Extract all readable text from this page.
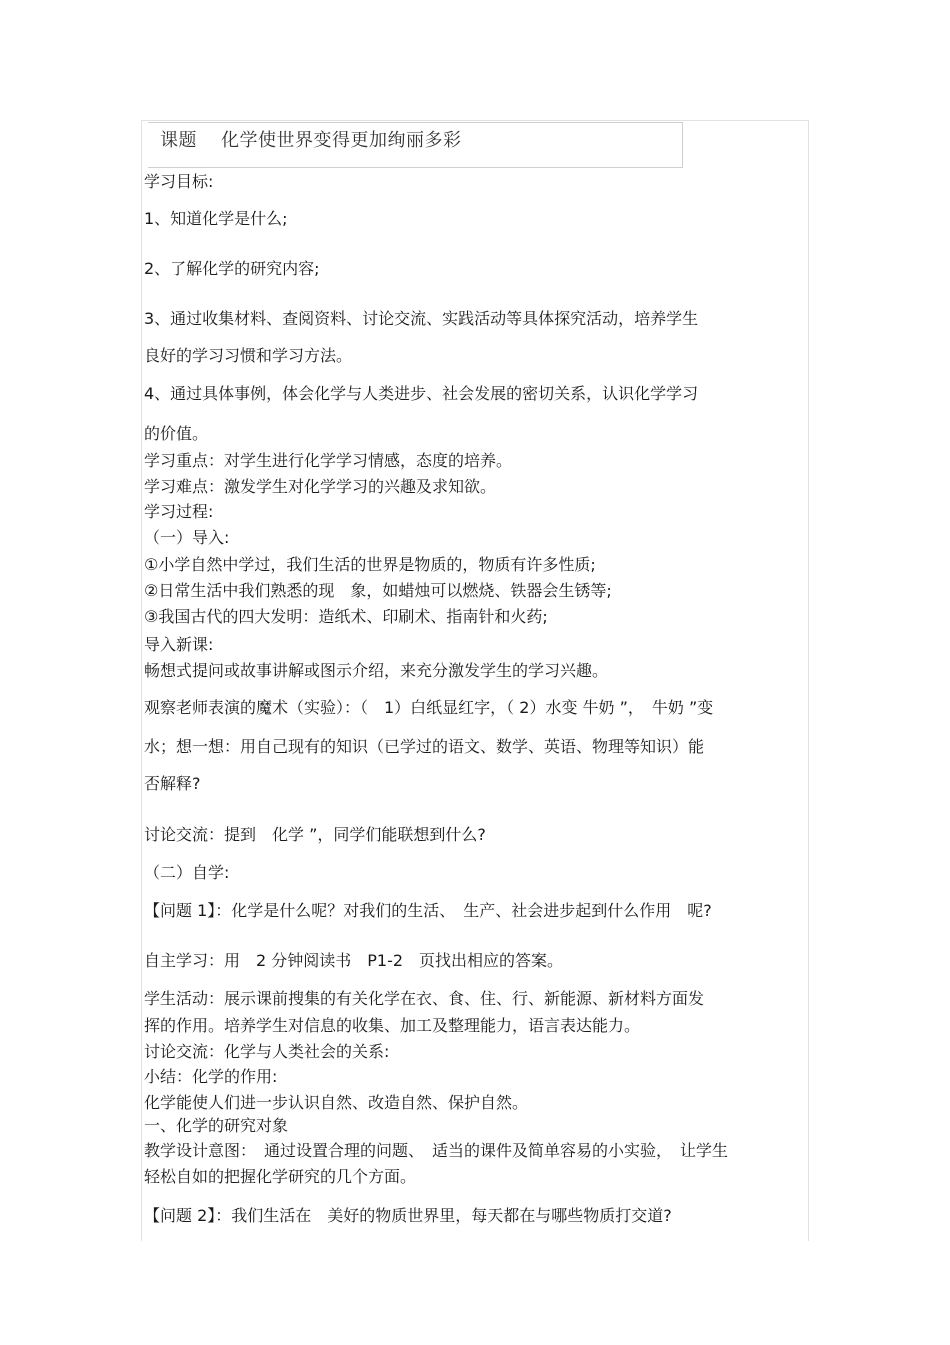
课题 化学使世界变得更加绚丽多彩
学习目标:
1、知道化学是什么;
2、了解化学的研究内容;
3、通过收集材料、查阅资料、讨论交流、实践活动等具体探究活动，培养学生
良好的学习习惯和学习方法。
4、通过具体事例，体会化学与人类进步、社会发展的密切关系，认识化学学习
的价值。
学习重点：对学生进行化学学习情感，态度的培养。
学习难点：激发学生对化学学习的兴趣及求知欲。
学习过程:
（一）导入:
①小学自然中学过，我们生活的世界是物质的，物质有许多性质;
②日常生活中我们熟悉的现　象，如蜡烛可以燃烧、铁器会生锈等;
③我国古代的四大发明：造纸术、印刷术、指南针和火药;
导入新课:
畅想式提问或故事讲解或图示介绍，来充分激发学生的学习兴趣。
观察老师表演的魔术（实验）：（　1）白纸显红字，（ 2）水变 牛奶 ”，　牛奶 ”变
水；想一想：用自己现有的知识（已学过的语文、数学、英语、物理等知识）能
否解释?
讨论交流：提到　化学 ”，同学们能联想到什么?
（二）自学:
【问题 1】：化学是什么呢？对我们的生活、　生产、社会进步起到什么作用　呢?
自主学习：用　2 分钟阅读书　P1-2　页找出相应的答案。
学生活动：展示课前搜集的有关化学在衣、食、住、行、新能源、新材料方面发
挥的作用。培养学生对信息的收集、加工及整理能力，语言表达能力。
讨论交流：化学与人类社会的关系:
小结：化学的作用:
化学能使人们进一步认识自然、改造自然、保护自然。
一、化学的研究对象
教学设计意图：　通过设置合理的问题、　适当的课件及简单容易的小实验，　让学生
轻松自如的把握化学研究的几个方面。
【问题 2】：我们生活在　美好的物质世界里，每天都在与哪些物质打交道?
